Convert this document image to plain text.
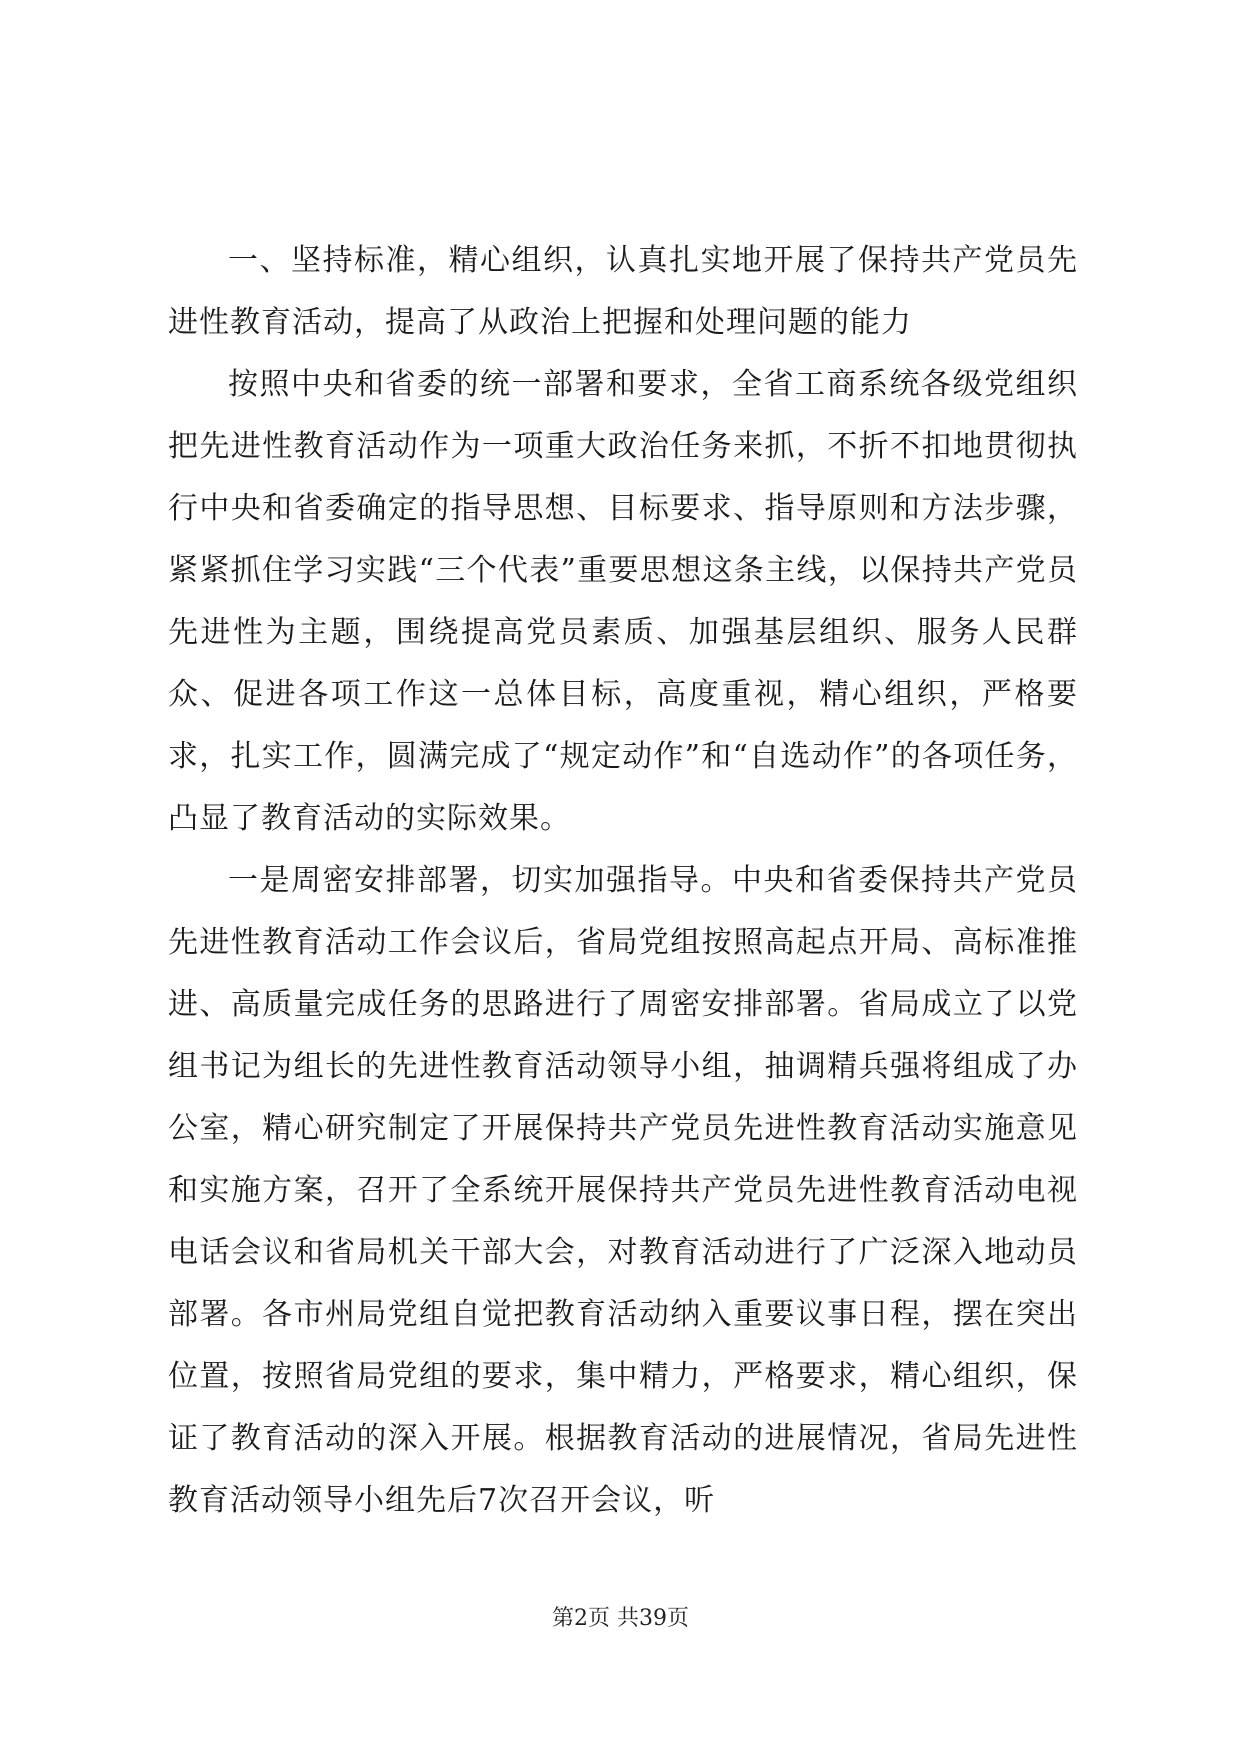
一、坚持标准，精心组织，认真扎实地开展了保持共产党员先进性教育活动，提高了从政治上把握和处理问题的能力

按照中央和省委的统一部署和要求，全省工商系统各级党组织把先进性教育活动作为一项重大政治任务来抓，不折不扣地贯彻执行中央和省委确定的指导思想、目标要求、指导原则和方法步骤，紧紧抓住学习实践“三个代表”重要思想这条主线，以保持共产党员先进性为主题，围绕提高党员素质、加强基层组织、服务人民群众、促进各项工作这一总体目标，高度重视，精心组织，严格要求，扎实工作，圆满完成了“规定动作”和“自选动作”的各项任务，凸显了教育活动的实际效果。

一是周密安排部署，切实加强指导。中央和省委保持共产党员先进性教育活动工作会议后，省局党组按照高起点开局、高标准推进、高质量完成任务的思路进行了周密安排部署。省局成立了以党组书记为组长的先进性教育活动领导小组，抽调精兵强将组成了办公室，精心研究制定了开展保持共产党员先进性教育活动实施意见和实施方案，召开了全系统开展保持共产党员先进性教育活动电视电话会议和省局机关干部大会，对教育活动进行了广泛深入地动员部署。各市州局党组自觉把教育活动纳入重要议事日程，摆在突出位置，按照省局党组的要求，集中精力，严格要求，精心组织，保证了教育活动的深入开展。根据教育活动的进展情况，省局先进性教育活动领导小组先后7次召开会议，听

第2页 共39页
